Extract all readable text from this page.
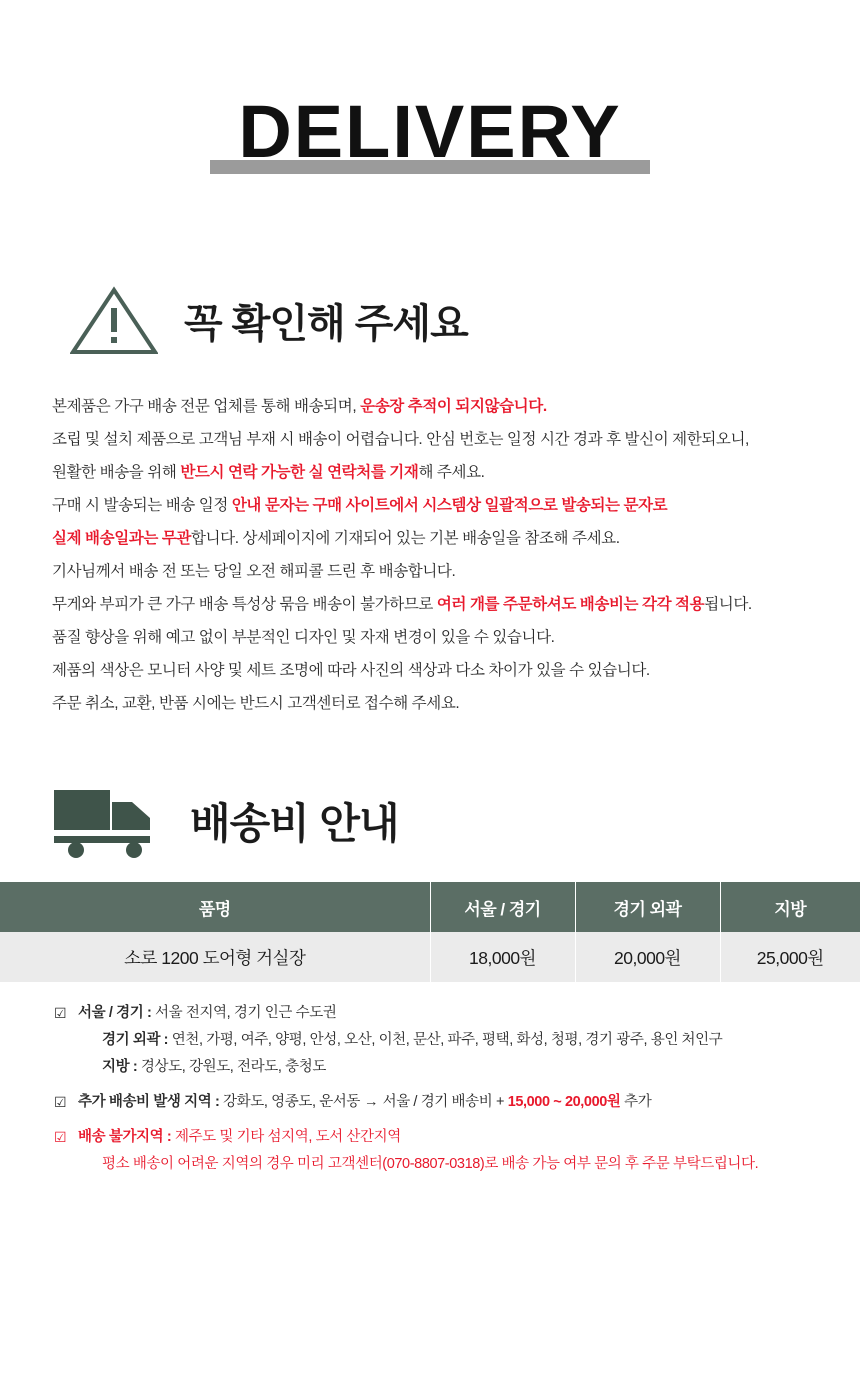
DELIVERY
꼭 확인해 주세요

본제품은 가구 배송 전문 업체를 통해 배송되며, 운송장 추적이 되지않습니다.

조립 및 설치 제품으로 고객님 부재 시 배송이 어렵습니다. 안심 번호는 일정 시간 경과 후 발신이 제한되오니,

원활한 배송을 위해 반드시 연락 가능한 실 연락처를 기재해 주세요.

구매 시 발송되는 배송 일정 안내 문자는 구매 사이트에서 시스템상 일괄적으로 발송되는 문자로

실제 배송일과는 무관합니다. 상세페이지에 기재되어 있는 기본 배송일을 참조해 주세요.

기사님께서 배송 전 또는 당일 오전 해피콜 드린 후 배송합니다.

무게와 부피가 큰 가구 배송 특성상 묶음 배송이 불가하므로 여러 개를 주문하셔도 배송비는 각각 적용됩니다.

품질 향상을 위해 예고 없이 부분적인 디자인 및 자재 변경이 있을 수 있습니다.

제품의 색상은 모니터 사양 및 세트 조명에 따라 사진의 색상과 다소 차이가 있을 수 있습니다.

주문 취소, 교환, 반품 시에는 반드시 고객센터로 접수해 주세요.

배송비 안내
품명	서울 / 경기	경기 외곽	지방
소로 1200 도어형 거실장	18,000원	20,000원	25,000원
☑ 서울 / 경기 : 서울 전지역, 경기 인근 수도권
경기 외곽 : 연천, 가평, 여주, 양평, 안성, 오산, 이천, 문산, 파주, 평택, 화성, 청평, 경기 광주, 용인 처인구
지방 : 경상도, 강원도, 전라도, 충청도
☑ 추가 배송비 발생 지역 : 강화도, 영종도, 운서동 → 서울 / 경기 배송비 + 15,000 ~ 20,000원 추가
☑ 배송 불가지역 : 제주도 및 기타 섬지역, 도서 산간지역
평소 배송이 어려운 지역의 경우 미리 고객센터(070-8807-0318)로 배송 가능 여부 문의 후 주문 부탁드립니다.
